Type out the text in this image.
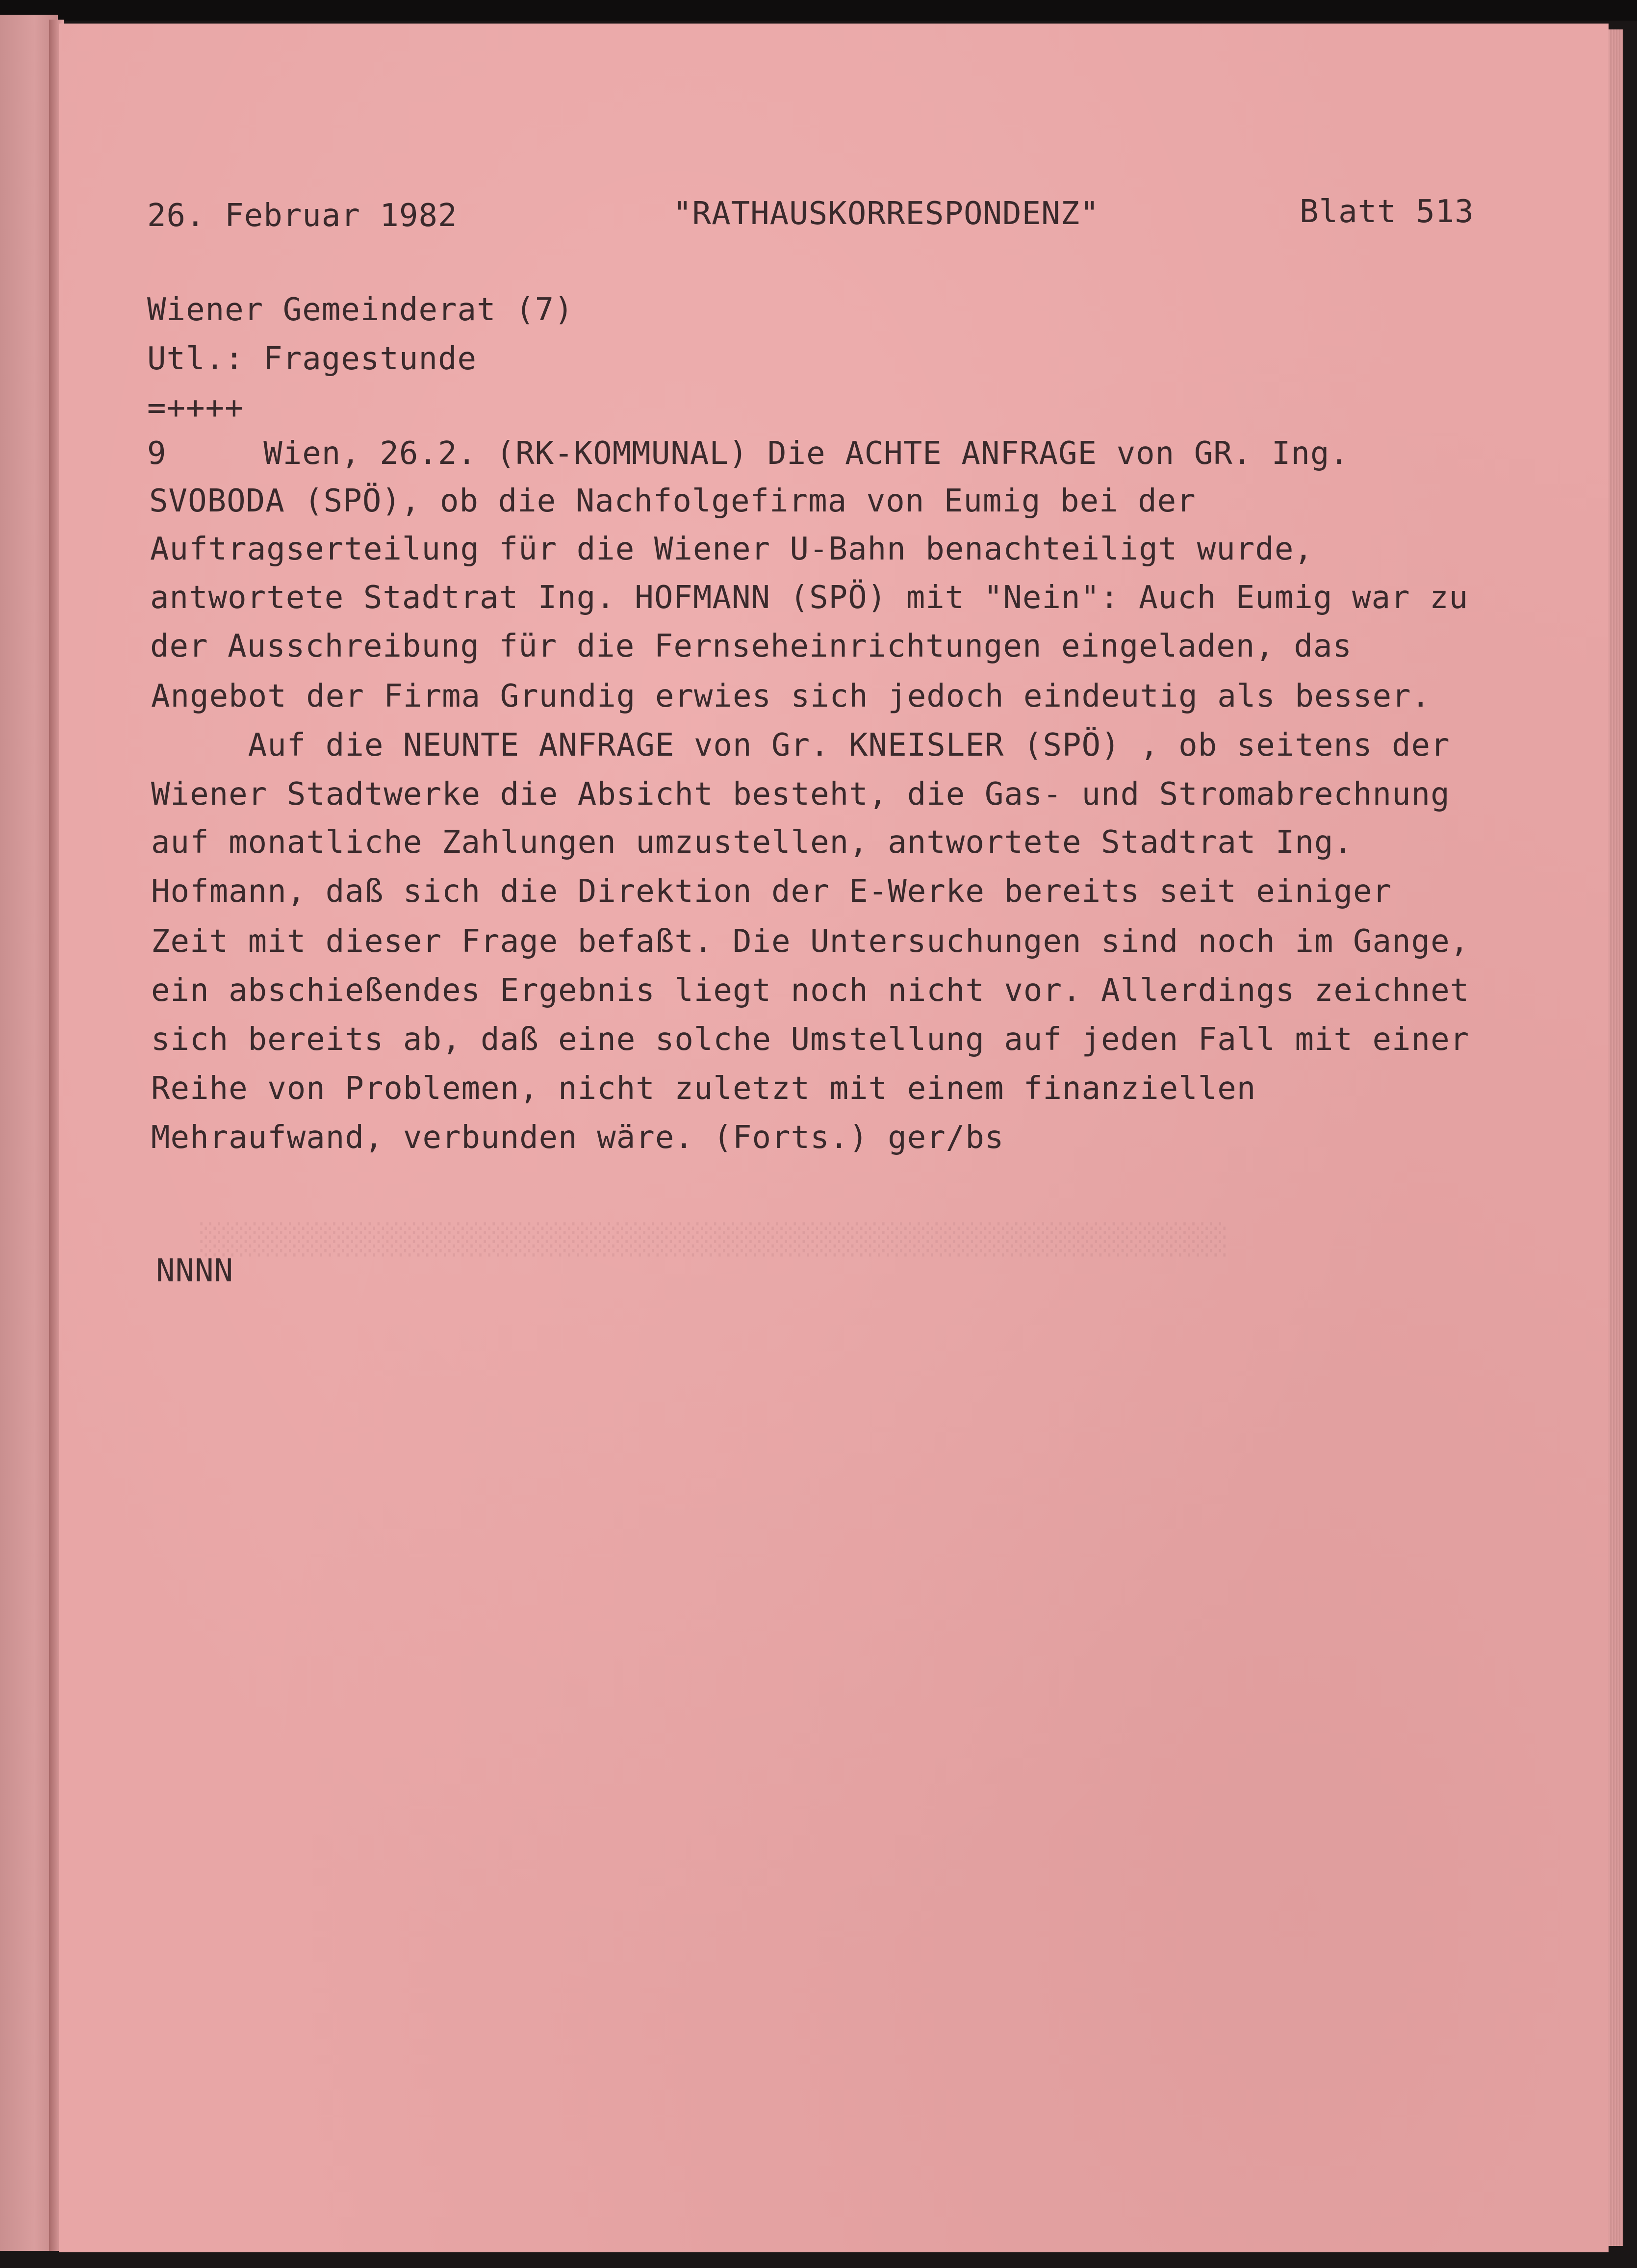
░░░░░░░░░░░░░░░░░░░░░░░░░░░░░░░░░░░░░░░░░░░░░░░░░░░░░░░░░░

26. Februar 1982	"RATHAUSKORRESPONDENZ"	Blatt 513

Wiener Gemeinderat (7)

Utl.: Fragestunde

=++++

9     Wien, 26.2. (RK-KOMMUNAL) Die ACHTE ANFRAGE von GR. Ing.

SVOBODA (SPÖ), ob die Nachfolgefirma von Eumig bei der

Auftragserteilung für die Wiener U-Bahn benachteiligt wurde,

antwortete Stadtrat Ing. HOFMANN (SPÖ) mit "Nein": Auch Eumig war zu

der Ausschreibung für die Fernseheinrichtungen eingeladen, das

Angebot der Firma Grundig erwies sich jedoch eindeutig als besser.

Auf die NEUNTE ANFRAGE von Gr. KNEISLER (SPÖ) , ob seitens der

Wiener Stadtwerke die Absicht besteht, die Gas- und Stromabrechnung

auf monatliche Zahlungen umzustellen, antwortete Stadtrat Ing.

Hofmann, daß sich die Direktion der E-Werke bereits seit einiger

Zeit mit dieser Frage befaßt. Die Untersuchungen sind noch im Gange,

ein abschießendes Ergebnis liegt noch nicht vor. Allerdings zeichnet

sich bereits ab, daß eine solche Umstellung auf jeden Fall mit einer

Reihe von Problemen, nicht zuletzt mit einem finanziellen

Mehraufwand, verbunden wäre. (Forts.) ger/bs

NNNN
